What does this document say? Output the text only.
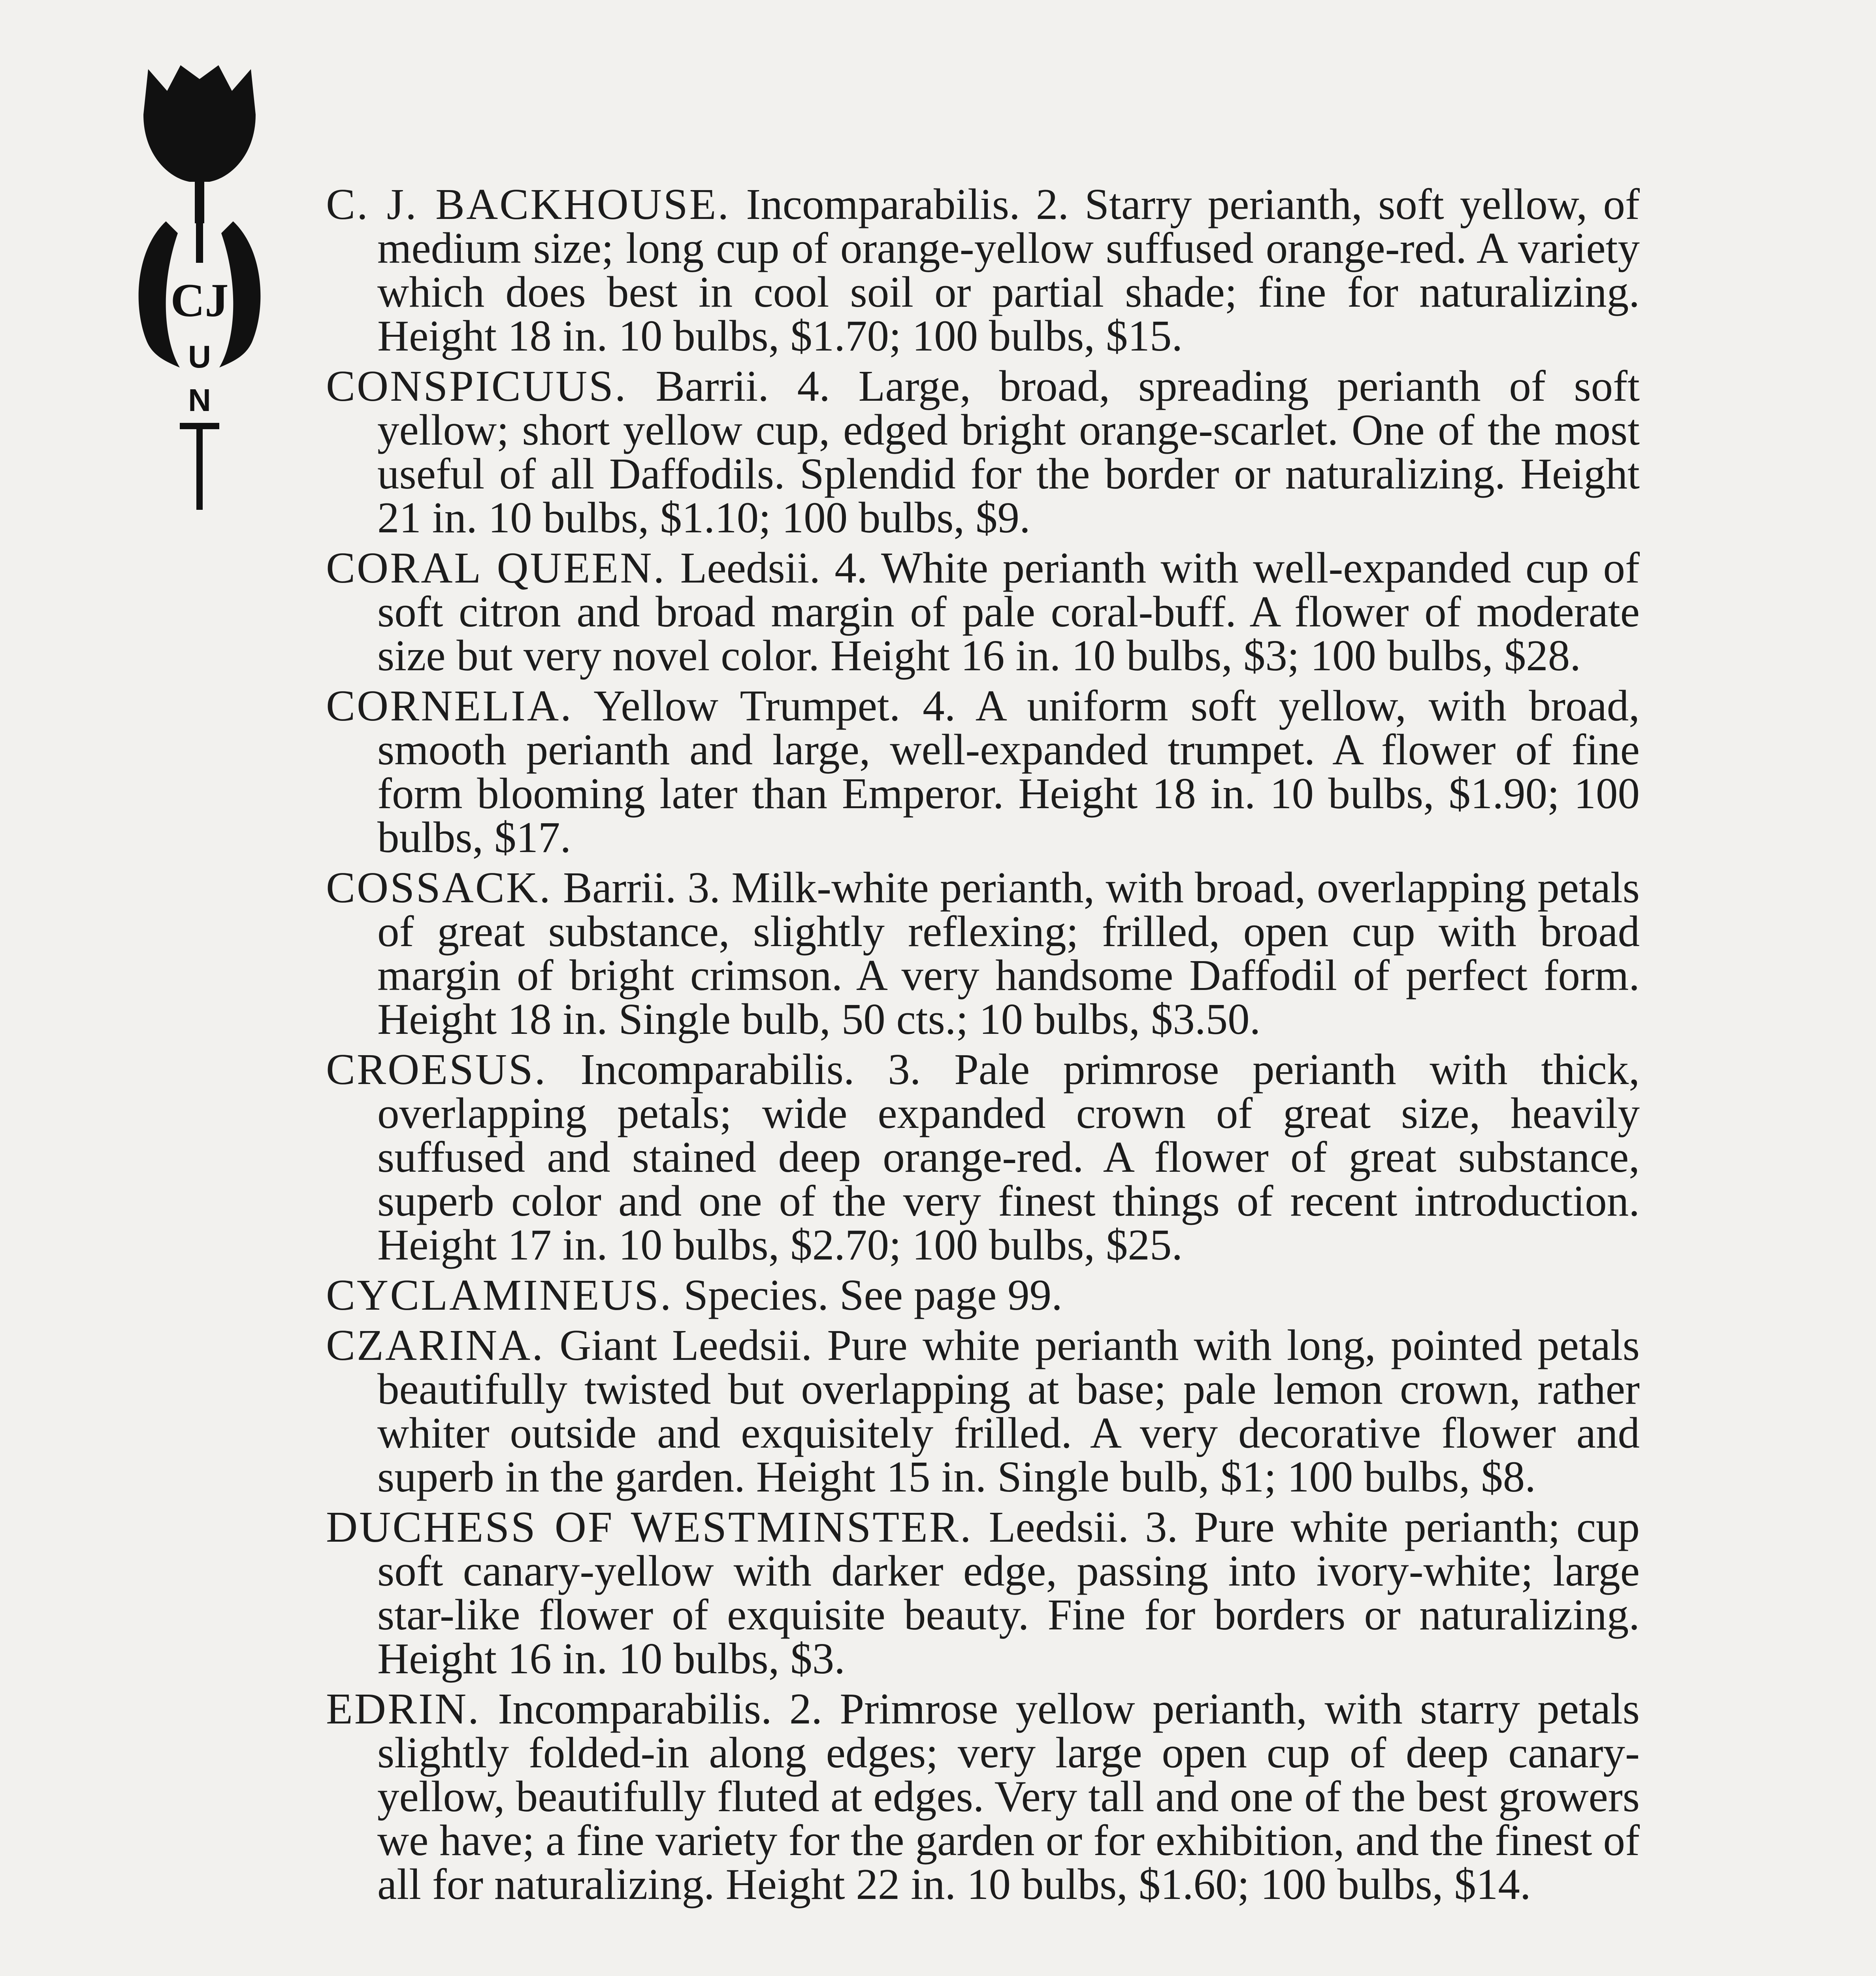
CJ
U
N

C. J. BACKHOUSE. Incomparabilis. 2. Starry perianth, soft yellow, of medium size; long cup of orange-yellow suffused orange-red. A variety which does best in cool soil or partial shade; fine for naturalizing. Height 18 in. 10 bulbs, $1.70; 100 bulbs, $15.

CONSPICUUS. Barrii. 4. Large, broad, spreading perianth of soft yellow; short yellow cup, edged bright orange-scarlet. One of the most useful of all Daffodils. Splendid for the border or naturalizing. Height 21 in. 10 bulbs, $1.10; 100 bulbs, $9.

CORAL QUEEN. Leedsii. 4. White perianth with well-expanded cup of soft citron and broad margin of pale coral-buff. A flower of moderate size but very novel color. Height 16 in. 10 bulbs, $3; 100 bulbs, $28.

CORNELIA. Yellow Trumpet. 4. A uniform soft yellow, with broad, smooth perianth and large, well-expanded trumpet. A flower of fine form blooming later than Emperor. Height 18 in. 10 bulbs, $1.90; 100 bulbs, $17.

COSSACK. Barrii. 3. Milk-white perianth, with broad, overlapping petals of great substance, slightly reflexing; frilled, open cup with broad margin of bright crimson. A very handsome Daffodil of perfect form. Height 18 in. Single bulb, 50 cts.; 10 bulbs, $3.50.

CROESUS. Incomparabilis. 3. Pale primrose perianth with thick, overlapping petals; wide expanded crown of great size, heavily suffused and stained deep orange-red. A flower of great substance, superb color and one of the very finest things of recent introduction. Height 17 in. 10 bulbs, $2.70; 100 bulbs, $25.

CYCLAMINEUS. Species. See page 99.

CZARINA. Giant Leedsii. Pure white perianth with long, pointed petals beautifully twisted but overlapping at base; pale lemon crown, rather whiter outside and exquisitely frilled. A very decorative flower and superb in the garden. Height 15 in. Single bulb, $1; 100 bulbs, $8.

DUCHESS OF WESTMINSTER. Leedsii. 3. Pure white perianth; cup soft canary-yellow with darker edge, passing into ivory-white; large star-like flower of exquisite beauty. Fine for borders or naturalizing. Height 16 in. 10 bulbs, $3.

EDRIN. Incomparabilis. 2. Primrose yellow perianth, with starry petals slightly folded-in along edges; very large open cup of deep canary-yellow, beautifully fluted at edges. Very tall and one of the best growers we have; a fine variety for the garden or for exhibition, and the finest of all for naturalizing. Height 22 in. 10 bulbs, $1.60; 100 bulbs, $14.
